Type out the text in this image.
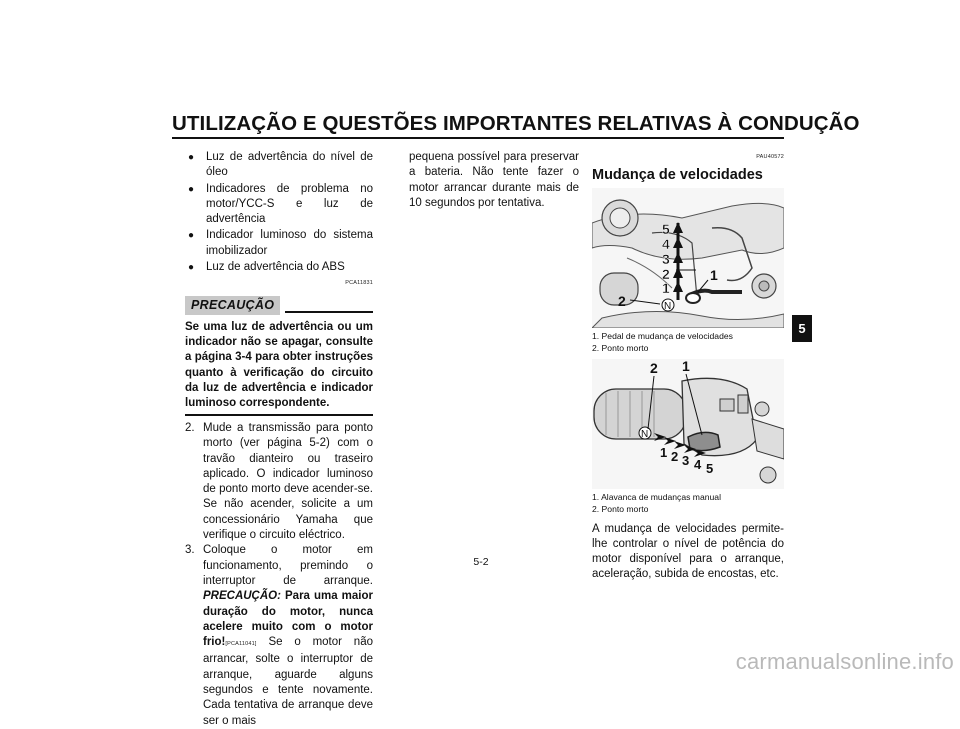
UTILIZAÇÃO E QUESTÕES IMPORTANTES RELATIVAS À CONDUÇÃO
● Luz de advertência do nível de óleo
● Indicadores de problema no motor/YCC-S e luz de advertência
● Indicador luminoso do sistema imobilizador
● Luz de advertência do ABS
PCA11831
PRECAUÇÃO
Se uma luz de advertência ou um indicador não se apagar, consulte a página 3-4 para obter instruções quanto à verificação do circuito da luz de advertência e indicador luminoso correspondente.
2. Mude a transmissão para ponto morto (ver página 5-2) com o travão dianteiro ou traseiro aplicado. O indicador luminoso de ponto morto deve acender-se. Se não acender, solicite a um concessionário Yamaha que verifique o circuito eléctrico.
3. Coloque o motor em funcionamento, premindo o interruptor de arranque. PRECAUÇÃO: Para uma maior duração do motor, nunca acelere muito com o motor frio![PCA11041] Se o motor não arrancar, solte o interruptor de arranque, aguarde alguns segundos e tente novamente. Cada tentativa de arranque deve ser o mais
pequena possível para preservar a bateria. Não tente fazer o motor arrancar durante mais de 10 segundos por tentativa.
PAU40572
Mudança de velocidades
5
4
3
2
1
N
1
2
1. Pedal de mudança de velocidades
2. Ponto morto
N
1 2 3 4 5
2 1
1. Alavanca de mudanças manual
2. Ponto morto
A mudança de velocidades permite-lhe controlar o nível de potência do motor disponível para o arranque, aceleração, subida de encostas, etc.
5
5-2
carmanualsonline.info
